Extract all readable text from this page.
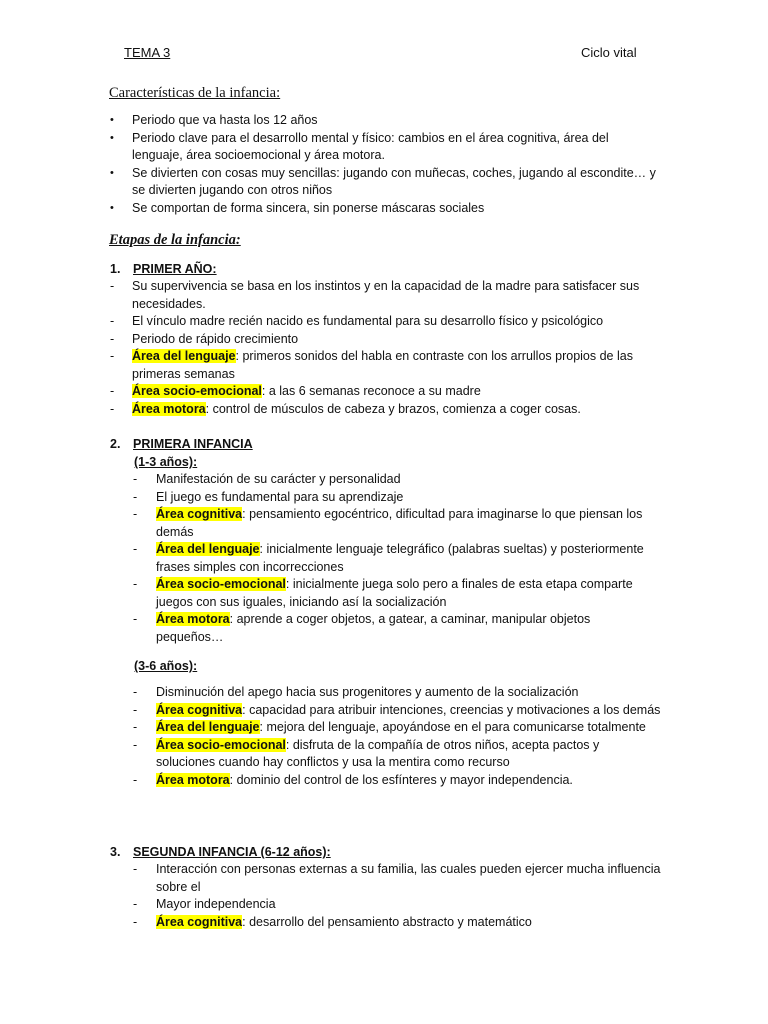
TEMA 3	Ciclo vital
Características de la infancia:
• Periodo que va hasta los 12 años
• Periodo clave para el desarrollo mental y físico: cambios en el área cognitiva, área del lenguaje, área socioemocional y área motora.
• Se divierten con cosas muy sencillas: jugando con muñecas, coches, jugando al escondite… y se divierten jugando con otros niños
• Se comportan de forma sincera, sin ponerse máscaras sociales
Etapas de la infancia:
1. PRIMER AÑO:
- Su supervivencia se basa en los instintos y en la capacidad de la madre para satisfacer sus necesidades.
- El vínculo madre recién nacido es fundamental para su desarrollo físico y psicológico
- Periodo de rápido crecimiento
- Área del lenguaje: primeros sonidos del habla en contraste con los arrullos propios de las primeras semanas
- Área socio-emocional: a las 6 semanas reconoce a su madre
- Área motora: control de músculos de cabeza y brazos, comienza a coger cosas.
2. PRIMERA INFANCIA
(1-3 años):
- Manifestación de su carácter y personalidad
- El juego es fundamental para su aprendizaje
- Área cognitiva: pensamiento egocéntrico, dificultad para imaginarse lo que piensan los demás
- Área del lenguaje: inicialmente lenguaje telegráfico (palabras sueltas) y posteriormente frases simples con incorrecciones
- Área socio-emocional: inicialmente juega solo pero a finales de esta etapa comparte juegos con sus iguales, iniciando así la socialización
- Área motora: aprende a coger objetos, a gatear, a caminar, manipular objetos pequeños…
(3-6 años):
- Disminución del apego hacia sus progenitores y aumento de la socialización
- Área cognitiva: capacidad para atribuir intenciones, creencias y motivaciones a los demás
- Área del lenguaje: mejora del lenguaje, apoyándose en el para comunicarse totalmente
- Área socio-emocional: disfruta de la compañía de otros niños, acepta pactos y soluciones cuando hay conflictos y usa la mentira como recurso
- Área motora: dominio del control de los esfínteres y mayor independencia.
3. SEGUNDA INFANCIA (6-12 años):
- Interacción con personas externas a su familia, las cuales pueden ejercer mucha influencia sobre el
- Mayor independencia
- Área cognitiva: desarrollo del pensamiento abstracto y matemático
